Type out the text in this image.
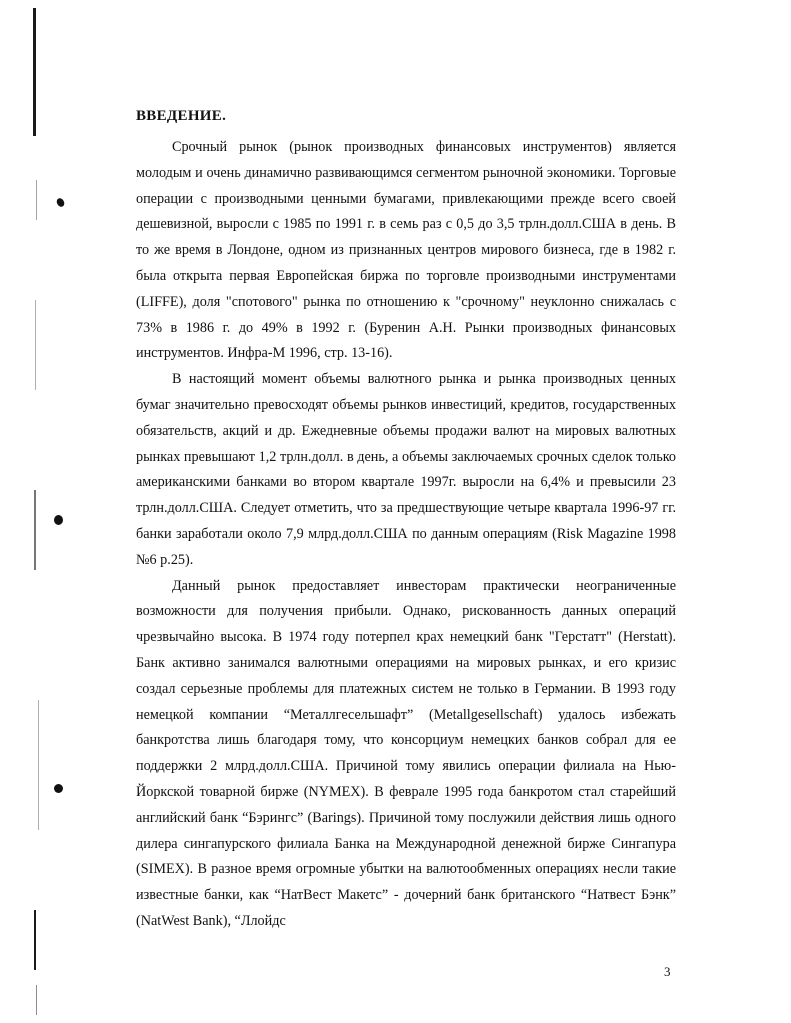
ВВЕДЕНИЕ.

Срочный рынок (рынок производных финансовых инструментов) является молодым и очень динамично развивающимся сегментом рыночной экономики. Торговые операции с производными ценными бумагами, привлекающими прежде всего своей дешевизной, выросли с 1985 по 1991 г. в семь раз с 0,5 до 3,5 трлн.долл.США в день. В то же время в Лондоне, одном из признанных центров мирового бизнеса, где в 1982 г. была открыта первая Европейская биржа по торговле производными инструментами (LIFFE), доля "спотового" рынка по отношению к "срочному" неуклонно снижалась с 73% в 1986 г. до 49% в 1992 г. (Буренин А.Н. Рынки производных финансовых инструментов. Инфра-М 1996, стр. 13-16).

В настоящий момент объемы валютного рынка и рынка производных ценных бумаг значительно превосходят объемы рынков инвестиций, кредитов, государственных обязательств, акций и др. Ежедневные объемы продажи валют на мировых валютных рынках превышают 1,2 трлн.долл. в день, а объемы заключаемых срочных сделок только американскими банками во втором квартале 1997г. выросли на 6,4% и превысили 23 трлн.долл.США. Следует отметить, что за предшествующие четыре квартала 1996-97 гг. банки заработали около 7,9 млрд.долл.США по данным операциям (Risk Magazine 1998 №6 p.25).

Данный рынок предоставляет инвесторам практически неограниченные возможности для получения прибыли. Однако, рискованность данных операций чрезвычайно высока. В 1974 году потерпел крах немецкий банк "Герстатт" (Herstatt). Банк активно занимался валютными операциями на мировых рынках, и его кризис создал серьезные проблемы для платежных систем не только в Германии. В 1993 году немецкой компании “Металлгесельшафт” (Metallgesellschaft) удалось избежать банкротства лишь благодаря тому, что консорциум немецких банков собрал для ее поддержки 2 млрд.долл.США. Причиной тому явились операции филиала на Нью-Йоркской товарной бирже (NYMEX). В феврале 1995 года банкротом стал старейший английский банк “Бэрингс” (Barings). Причиной тому послужили действия лишь одного дилера сингапурского филиала Банка на Международной денежной бирже Сингапура (SIMEX). В разное время огромные убытки на валютообменных операциях несли такие известные банки, как “НатВест Макетс” - дочерний банк британского “Натвест Бэнк” (NatWest Bank), “Ллойдс

3
